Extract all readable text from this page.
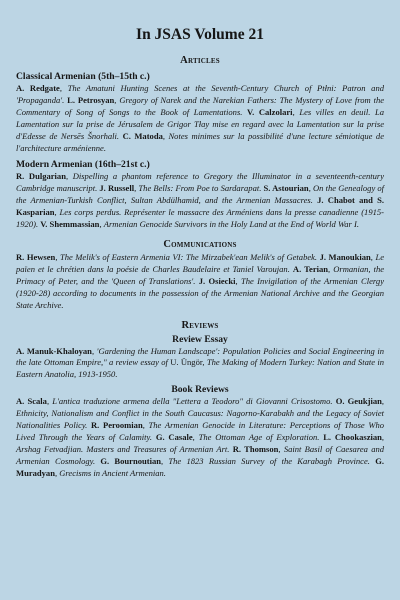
In JSAS Volume 21
Articles
Classical Armenian (5th–15th c.)

A. Redgate, The Amatuni Hunting Scenes at the Seventh-Century Church of Ptłni: Patron and 'Propaganda'. L. Petrosyan, Gregory of Narek and the Narekian Fathers: The Mystery of Love from the Commentary of Song of Songs to the Book of Lamentations. V. Calzolari, Les villes en deuil. La Lamentation sur la prise de Jérusalem de Grigor Tłay mise en regard avec la Lamentation sur la prise d'Edesse de Nersēs Šnorhali. C. Matoda, Notes minimes sur la possibilité d'une lecture sémiotique de l'architecture arménienne.

Modern Armenian (16th–21st c.)

R. Dulgarian, Dispelling a phantom reference to Gregory the Illuminator in a seventeenth-century Cambridge manuscript. J. Russell, The Bells: From Poe to Sardarapat. S. Astourian, On the Genealogy of the Armenian-Turkish Conflict, Sultan Abdülhamid, and the Armenian Massacres. J. Chabot and S. Kasparian, Les corps perdus. Représenter le massacre des Arméniens dans la presse canadienne (1915-1920). V. Shemmassian, Armenian Genocide Survivors in the Holy Land at the End of World War I.

Communications

R. Hewsen, The Melik's of Eastern Armenia VI: The Mirzabek'ean Melik's of Getabek. J. Manoukian, Le païen et le chrétien dans la poésie de Charles Baudelaire et Taniel Varoujan. A. Terian, Ormanian, the Primacy of Peter, and the 'Queen of Translations'. J. Osiecki, The Invigilation of the Armenian Clergy (1920-28) according to documents in the possession of the Armenian National Archive and the Georgian State Archive.

Reviews
Review Essay

A. Manuk-Khaloyan, 'Gardening the Human Landscape': Population Policies and Social Engineering in the late Ottoman Empire," a review essay of U. Üngör, The Making of Modern Turkey: Nation and State in Eastern Anatolia, 1913-1950.

Book Reviews

A. Scala, L'antica traduzione armena della "Lettera a Teodoro" di Giovanni Crisostomo. O. Geukjian, Ethnicity, Nationalism and Conflict in the South Caucasus: Nagorno-Karabakh and the Legacy of Soviet Nationalities Policy. R. Peroomian, The Armenian Genocide in Literature: Perceptions of Those Who Lived Through the Years of Calamity. G. Casale, The Ottoman Age of Exploration. L. Chookaszian, Arshag Fetvadjian. Masters and Treasures of Armenian Art. R. Thomson, Saint Basil of Caesarea and Armenian Cosmology. G. Bournoutian, The 1823 Russian Survey of the Karabagh Province. G. Muradyan, Grecisms in Ancient Armenian.
